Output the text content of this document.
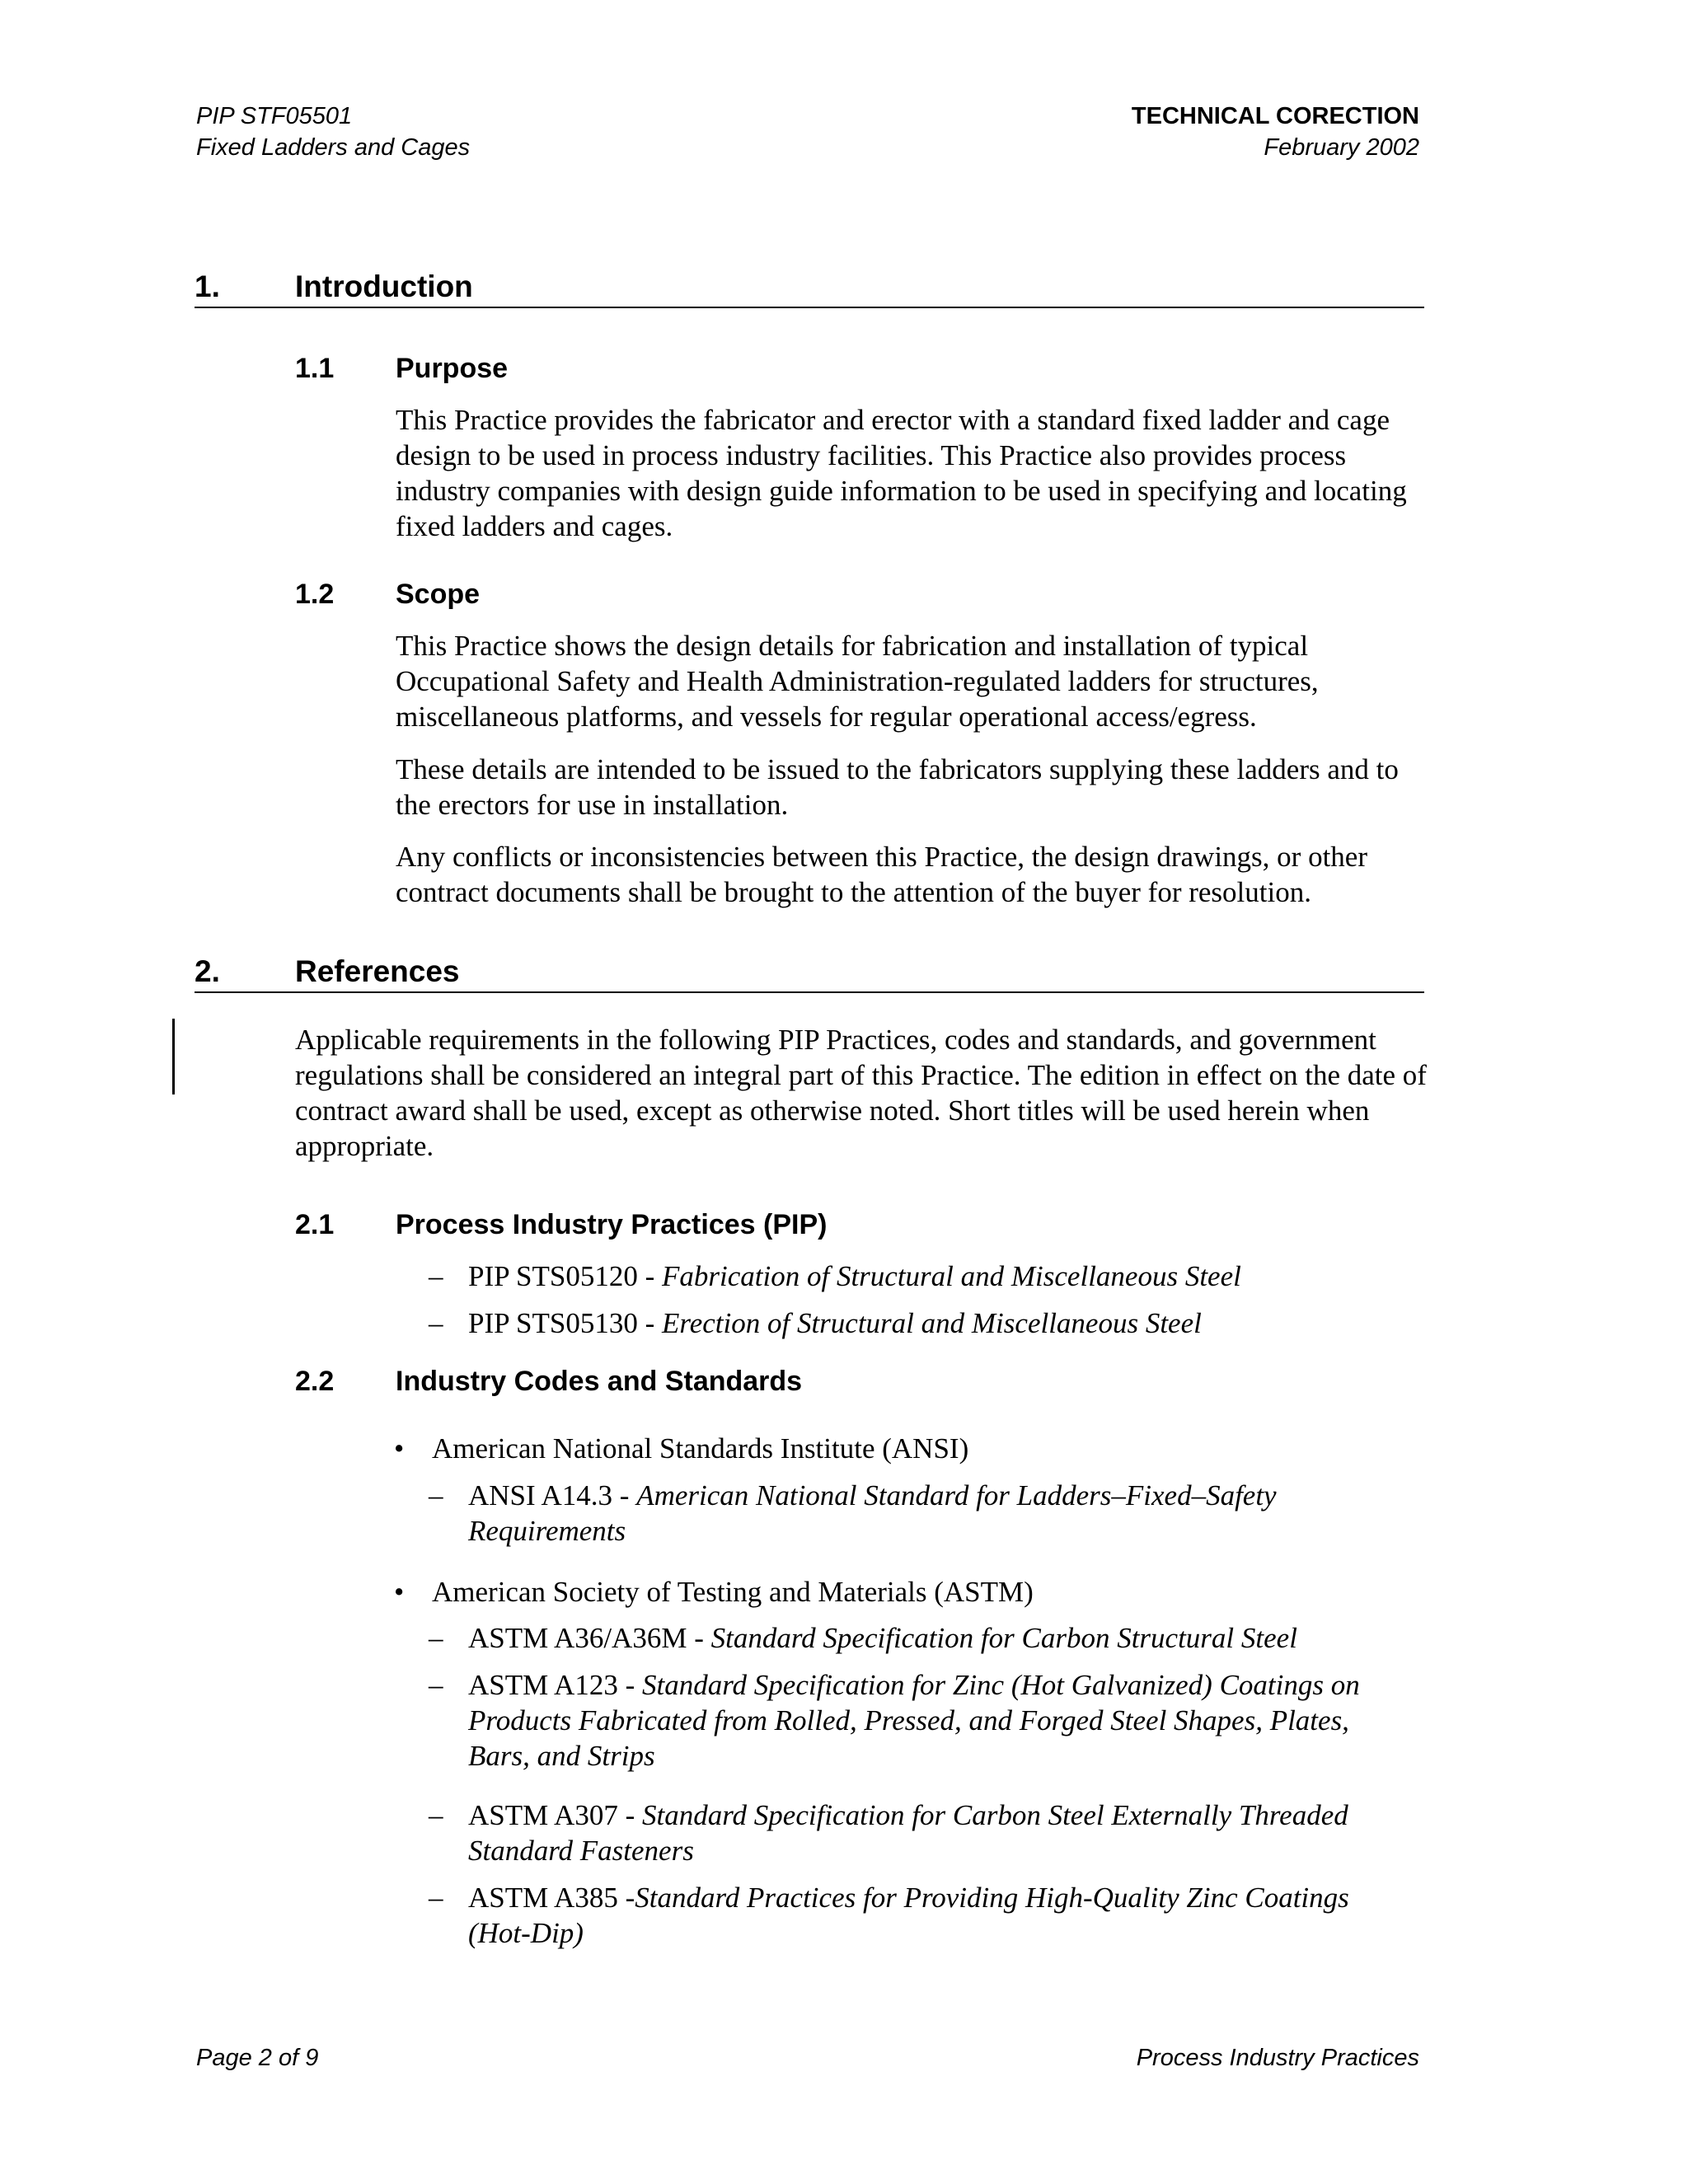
PIP STF05501
Fixed Ladders and Cages
TECHNICAL CORECTION
February 2002
1. Introduction
1.1 Purpose

This Practice provides the fabricator and erector with a standard fixed ladder and cage design to be used in process industry facilities. This Practice also provides process industry companies with design guide information to be used in specifying and locating fixed ladders and cages.

1.2 Scope

This Practice shows the design details for fabrication and installation of typical Occupational Safety and Health Administration-regulated ladders for structures, miscellaneous platforms, and vessels for regular operational access/egress.

These details are intended to be issued to the fabricators supplying these ladders and to the erectors for use in installation.

Any conflicts or inconsistencies between this Practice, the design drawings, or other contract documents shall be brought to the attention of the buyer for resolution.

2. References

Applicable requirements in the following PIP Practices, codes and standards, and government regulations shall be considered an integral part of this Practice. The edition in effect on the date of contract award shall be used, except as otherwise noted. Short titles will be used herein when appropriate.

2.1 Process Industry Practices (PIP)
– PIP STS05120 - Fabrication of Structural and Miscellaneous Steel
– PIP STS05130 - Erection of Structural and Miscellaneous Steel
2.2 Industry Codes and Standards
• American National Standards Institute (ANSI)
– ANSI A14.3 - American National Standard for Ladders–Fixed–Safety Requirements
• American Society of Testing and Materials (ASTM)
– ASTM A36/A36M - Standard Specification for Carbon Structural Steel
– ASTM A123 - Standard Specification for Zinc (Hot Galvanized) Coatings on Products Fabricated from Rolled, Pressed, and Forged Steel Shapes, Plates, Bars, and Strips
– ASTM A307 - Standard Specification for Carbon Steel Externally Threaded Standard Fasteners
– ASTM A385 -Standard Practices for Providing High-Quality Zinc Coatings (Hot-Dip)
Page 2 of 9	Process Industry Practices
